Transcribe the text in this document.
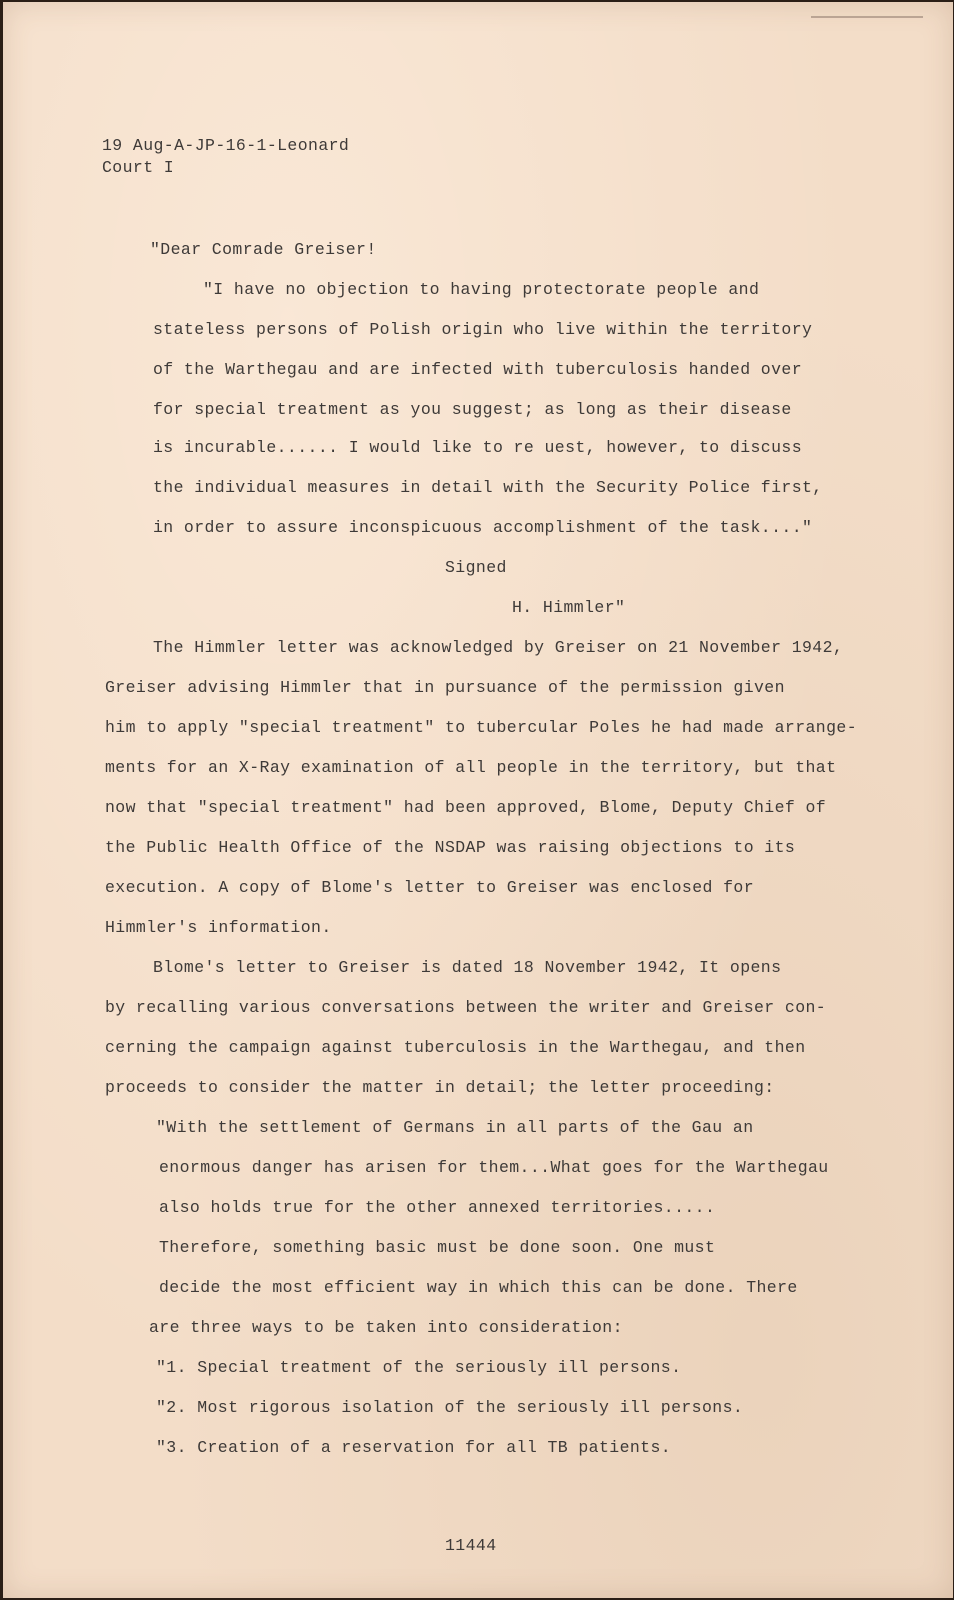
19 Aug-A-JP-16-1-Leonard
Court I
"Dear Comrade Greiser!
"I have no objection to having protectorate people and
stateless persons of Polish origin who live within the territory
of the Warthegau and are infected with tuberculosis handed over
for special treatment as you suggest; as long as their disease
is incurable...... I would like to re uest, however, to discuss
the individual measures in detail with the Security Police first,
in order to assure inconspicuous accomplishment of the task...."
Signed
H. Himmler"
The Himmler letter was acknowledged by Greiser on 21 November 1942,
Greiser advising Himmler that in pursuance of the permission given
him to apply "special treatment" to tubercular Poles he had made arrange-
ments for an X-Ray examination of all people in the territory, but that
now that "special treatment" had been approved, Blome, Deputy Chief of
the Public Health Office of the NSDAP was raising objections to its
execution. A copy of Blome's letter to Greiser was enclosed for
Himmler's information.
Blome's letter to Greiser is dated 18 November 1942, It opens
by recalling various conversations between the writer and Greiser con-
cerning the campaign against tuberculosis in the Warthegau, and then
proceeds to consider the matter in detail; the letter proceeding:
"With the settlement of Germans in all parts of the Gau an
enormous danger has arisen for them...What goes for the Warthegau
also holds true for the other annexed territories.....
Therefore, something basic must be done soon. One must
decide the most efficient way in which this can be done. There
are three ways to be taken into consideration:
"1. Special treatment of the seriously ill persons.
"2. Most rigorous isolation of the seriously ill persons.
"3. Creation of a reservation for all TB patients.
11444
